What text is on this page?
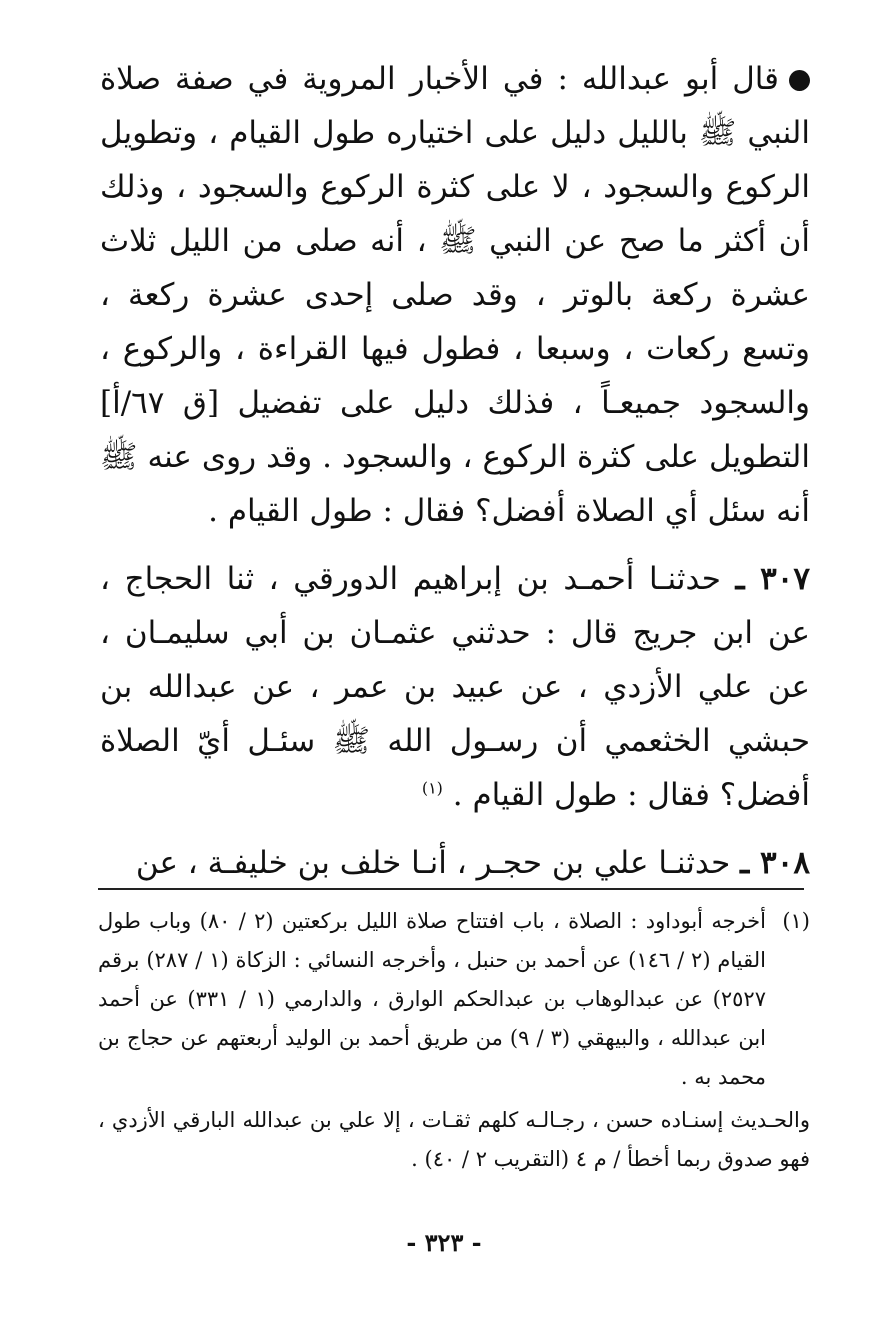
قال أبو عبدالله : في الأخبار المروية في صفة صلاة النبي ﷺ بالليل دليل على اختياره طول القيام ، وتطويل الركوع والسجود ، لا على كثرة الركوع والسجود ، وذلك أن أكثر ما صح عن النبي ﷺ ، أنه صلى من الليل ثلاث عشرة ركعة بالوتر ، وقد صلى إحدى عشرة ركعة ، وتسع ركعات ، وسبعا ، فطول فيها القراءة ، والركوع ، والسجود جميعـاً ، فذلك دليل على تفضيل [ق ٦٧/أ] التطويل على كثرة الركوع ، والسجود . وقد روى عنه ﷺ أنه سئل أي الصلاة أفضل؟ فقال : طول القيام .

٣٠٧ ـ حدثنـا أحمـد بن إبراهيم الدورقي ، ثنا الحجاج ، عن ابن جريج قال : حدثني عثمـان بن أبي سليمـان ، عن علي الأزدي ، عن عبيد بن عمر ، عن عبدالله بن حبشي الخثعمي أن رسـول الله ﷺ سئـل أيّ الصلاة أفضل؟ فقال : طول القيام . $^{(١)}$

٣٠٨ ـ حدثنـا علي بن حجـر ، أنـا خلف بن خليفـة ، عن

(١)
أخرجه أبوداود : الصلاة ، باب افتتاح صلاة الليل بركعتين (٢ / ٨٠) وباب طول القيام (٢ / ١٤٦) عن أحمد بن حنبل ، وأخرجه النسائي : الزكاة (١ / ٢٨٧) برقم ٢٥٢٧) عن عبدالوهاب بن عبدالحكم الوارق ، والدارمي (١ / ٣٣١) عن أحمد ابن عبدالله ، والبيهقي (٣ / ٩) من طريق أحمد بن الوليد أربعتهم عن حجاج بن محمد به .

والحـديث إسنـاده حسن ، رجـالـه كلهم ثقـات ، إلا علي بن عبدالله البارقي الأزدي ، فهو صدوق ربما أخطأ / م ٤ (التقريب ٢ / ٤٠) .

- ٣٢٣ -
